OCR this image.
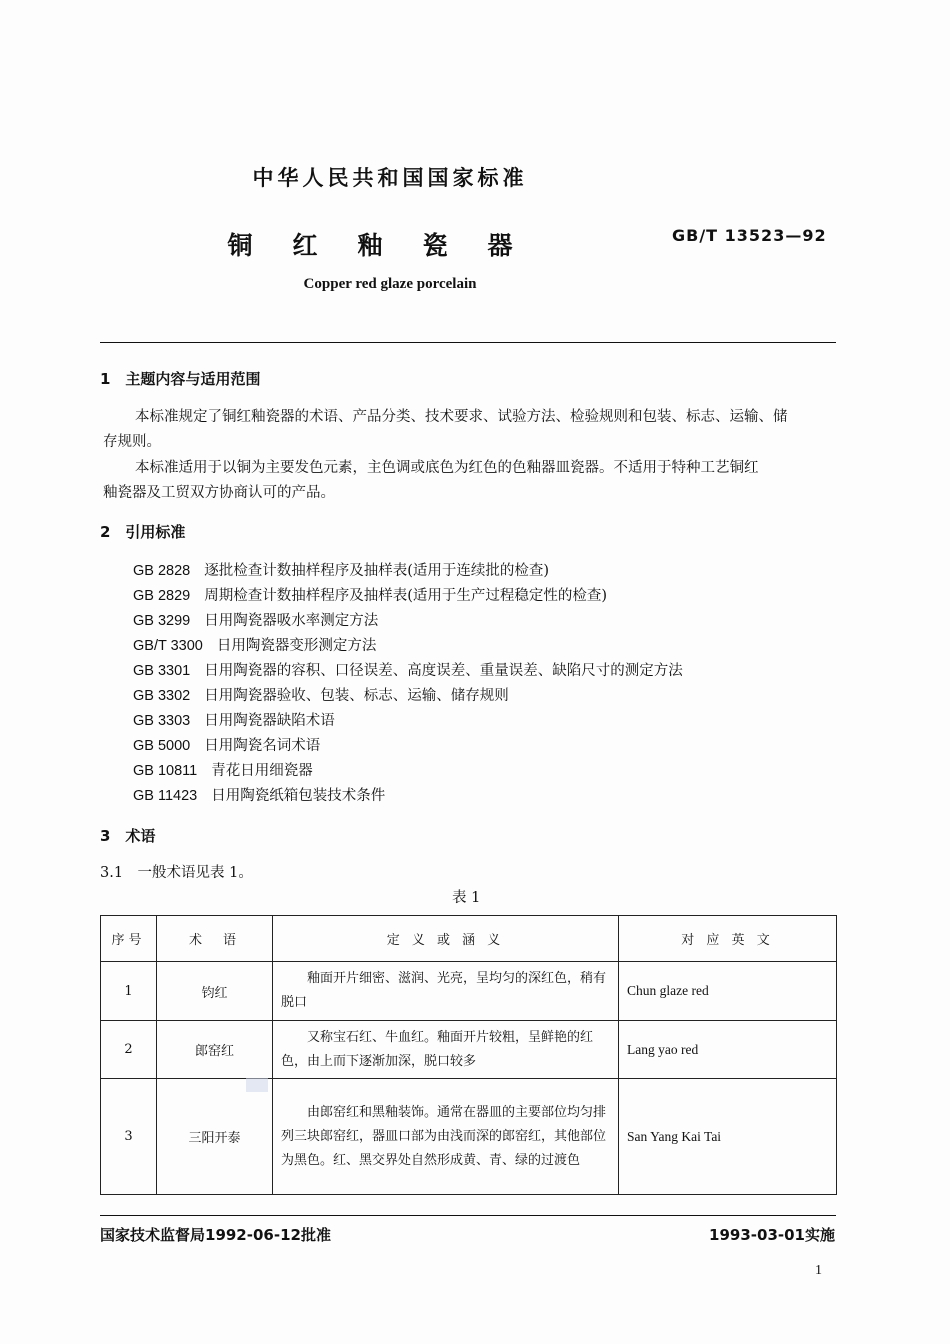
中华人民共和国国家标准
铜红釉瓷器	GB/T 13523—92
Copper red glaze porcelain
1　主题内容与适用范围
本标准规定了铜红釉瓷器的术语、产品分类、技术要求、试验方法、检验规则和包装、标志、运输、储
存规则。
本标准适用于以铜为主要发色元素，主色调或底色为红色的色釉器皿瓷器。不适用于特种工艺铜红
釉瓷器及工贸双方协商认可的产品。
2　引用标准
GB 2828 逐批检查计数抽样程序及抽样表(适用于连续批的检查)
GB 2829 周期检查计数抽样程序及抽样表(适用于生产过程稳定性的检查)
GB 3299 日用陶瓷器吸水率测定方法
GB/T 3300 日用陶瓷器变形测定方法
GB 3301 日用陶瓷器的容积、口径误差、高度误差、重量误差、缺陷尺寸的测定方法
GB 3302 日用陶瓷器验收、包装、标志、运输、储存规则
GB 3303 日用陶瓷器缺陷术语
GB 5000 日用陶瓷名词术语
GB 10811 青花日用细瓷器
GB 11423 日用陶瓷纸箱包装技术条件
3　术语
3.1　一般术语见表 1。
表 1
序号	术　语	定 义 或 涵 义	对 应 英 文
1	钧红	釉面开片细密、滋润、光亮，呈均匀的深红色，稍有脱口	Chun glaze red
2	郎窑红	又称宝石红、牛血红。釉面开片较粗，呈鲜艳的红色，由上而下逐渐加深，脱口较多	Lang yao red
3	三阳开泰	由郎窑红和黑釉装饰。通常在器皿的主要部位均匀排列三块郎窑红，器皿口部为由浅而深的郎窑红，其他部位为黑色。红、黑交界处自然形成黄、青、绿的过渡色	San Yang Kai Tai
国家技术监督局1992-06-12批准	1993-03-01实施
1
